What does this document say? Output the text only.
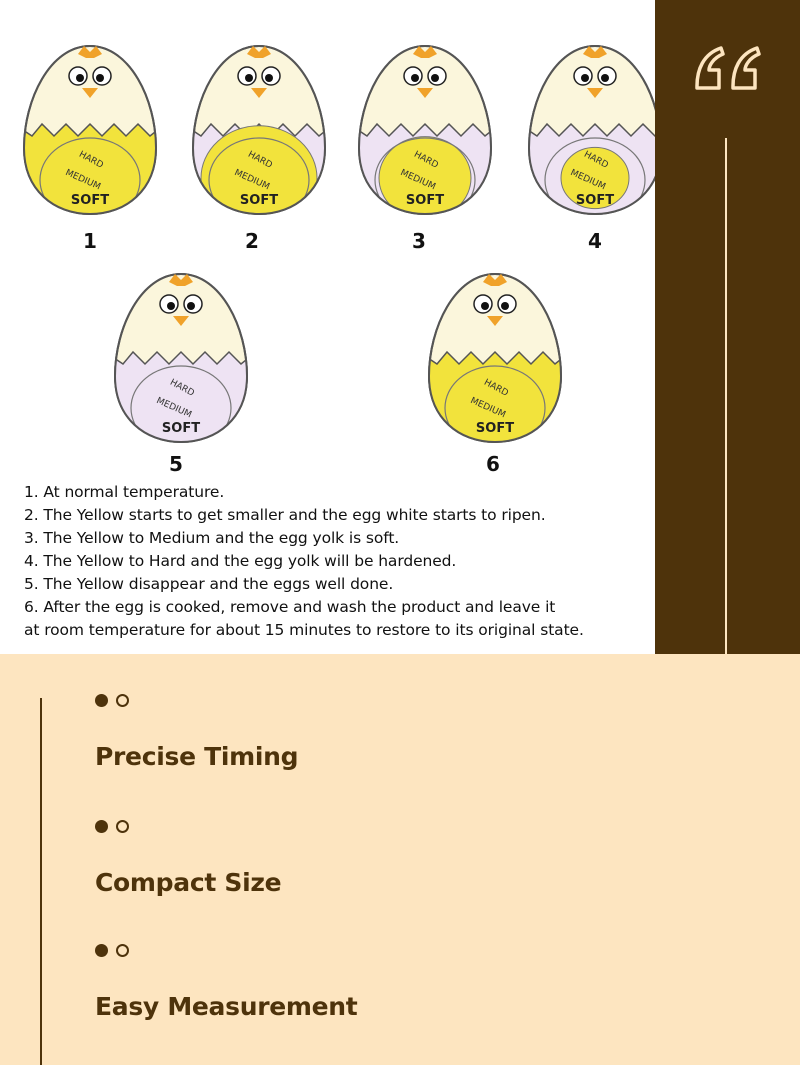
HARD
MEDIUM
SOFT
1
HARD
MEDIUM
SOFT
2
HARD
MEDIUM
SOFT
3
HARD
MEDIUM
SOFT
4
HARD
MEDIUM
SOFT
5
HARD
MEDIUM
SOFT
6
1. At normal temperature.
2. The Yellow starts to get smaller and the egg white starts to ripen.
3. The Yellow to Medium and the egg yolk is soft.
4. The Yellow to Hard and the egg yolk will be hardened.
5. The Yellow disappear and the eggs well done.
6. After the egg is cooked, remove and wash the product and leave it
at room temperature for about 15 minutes to restore to its original state.
Precise Timing
Compact Size
Easy Measurement
